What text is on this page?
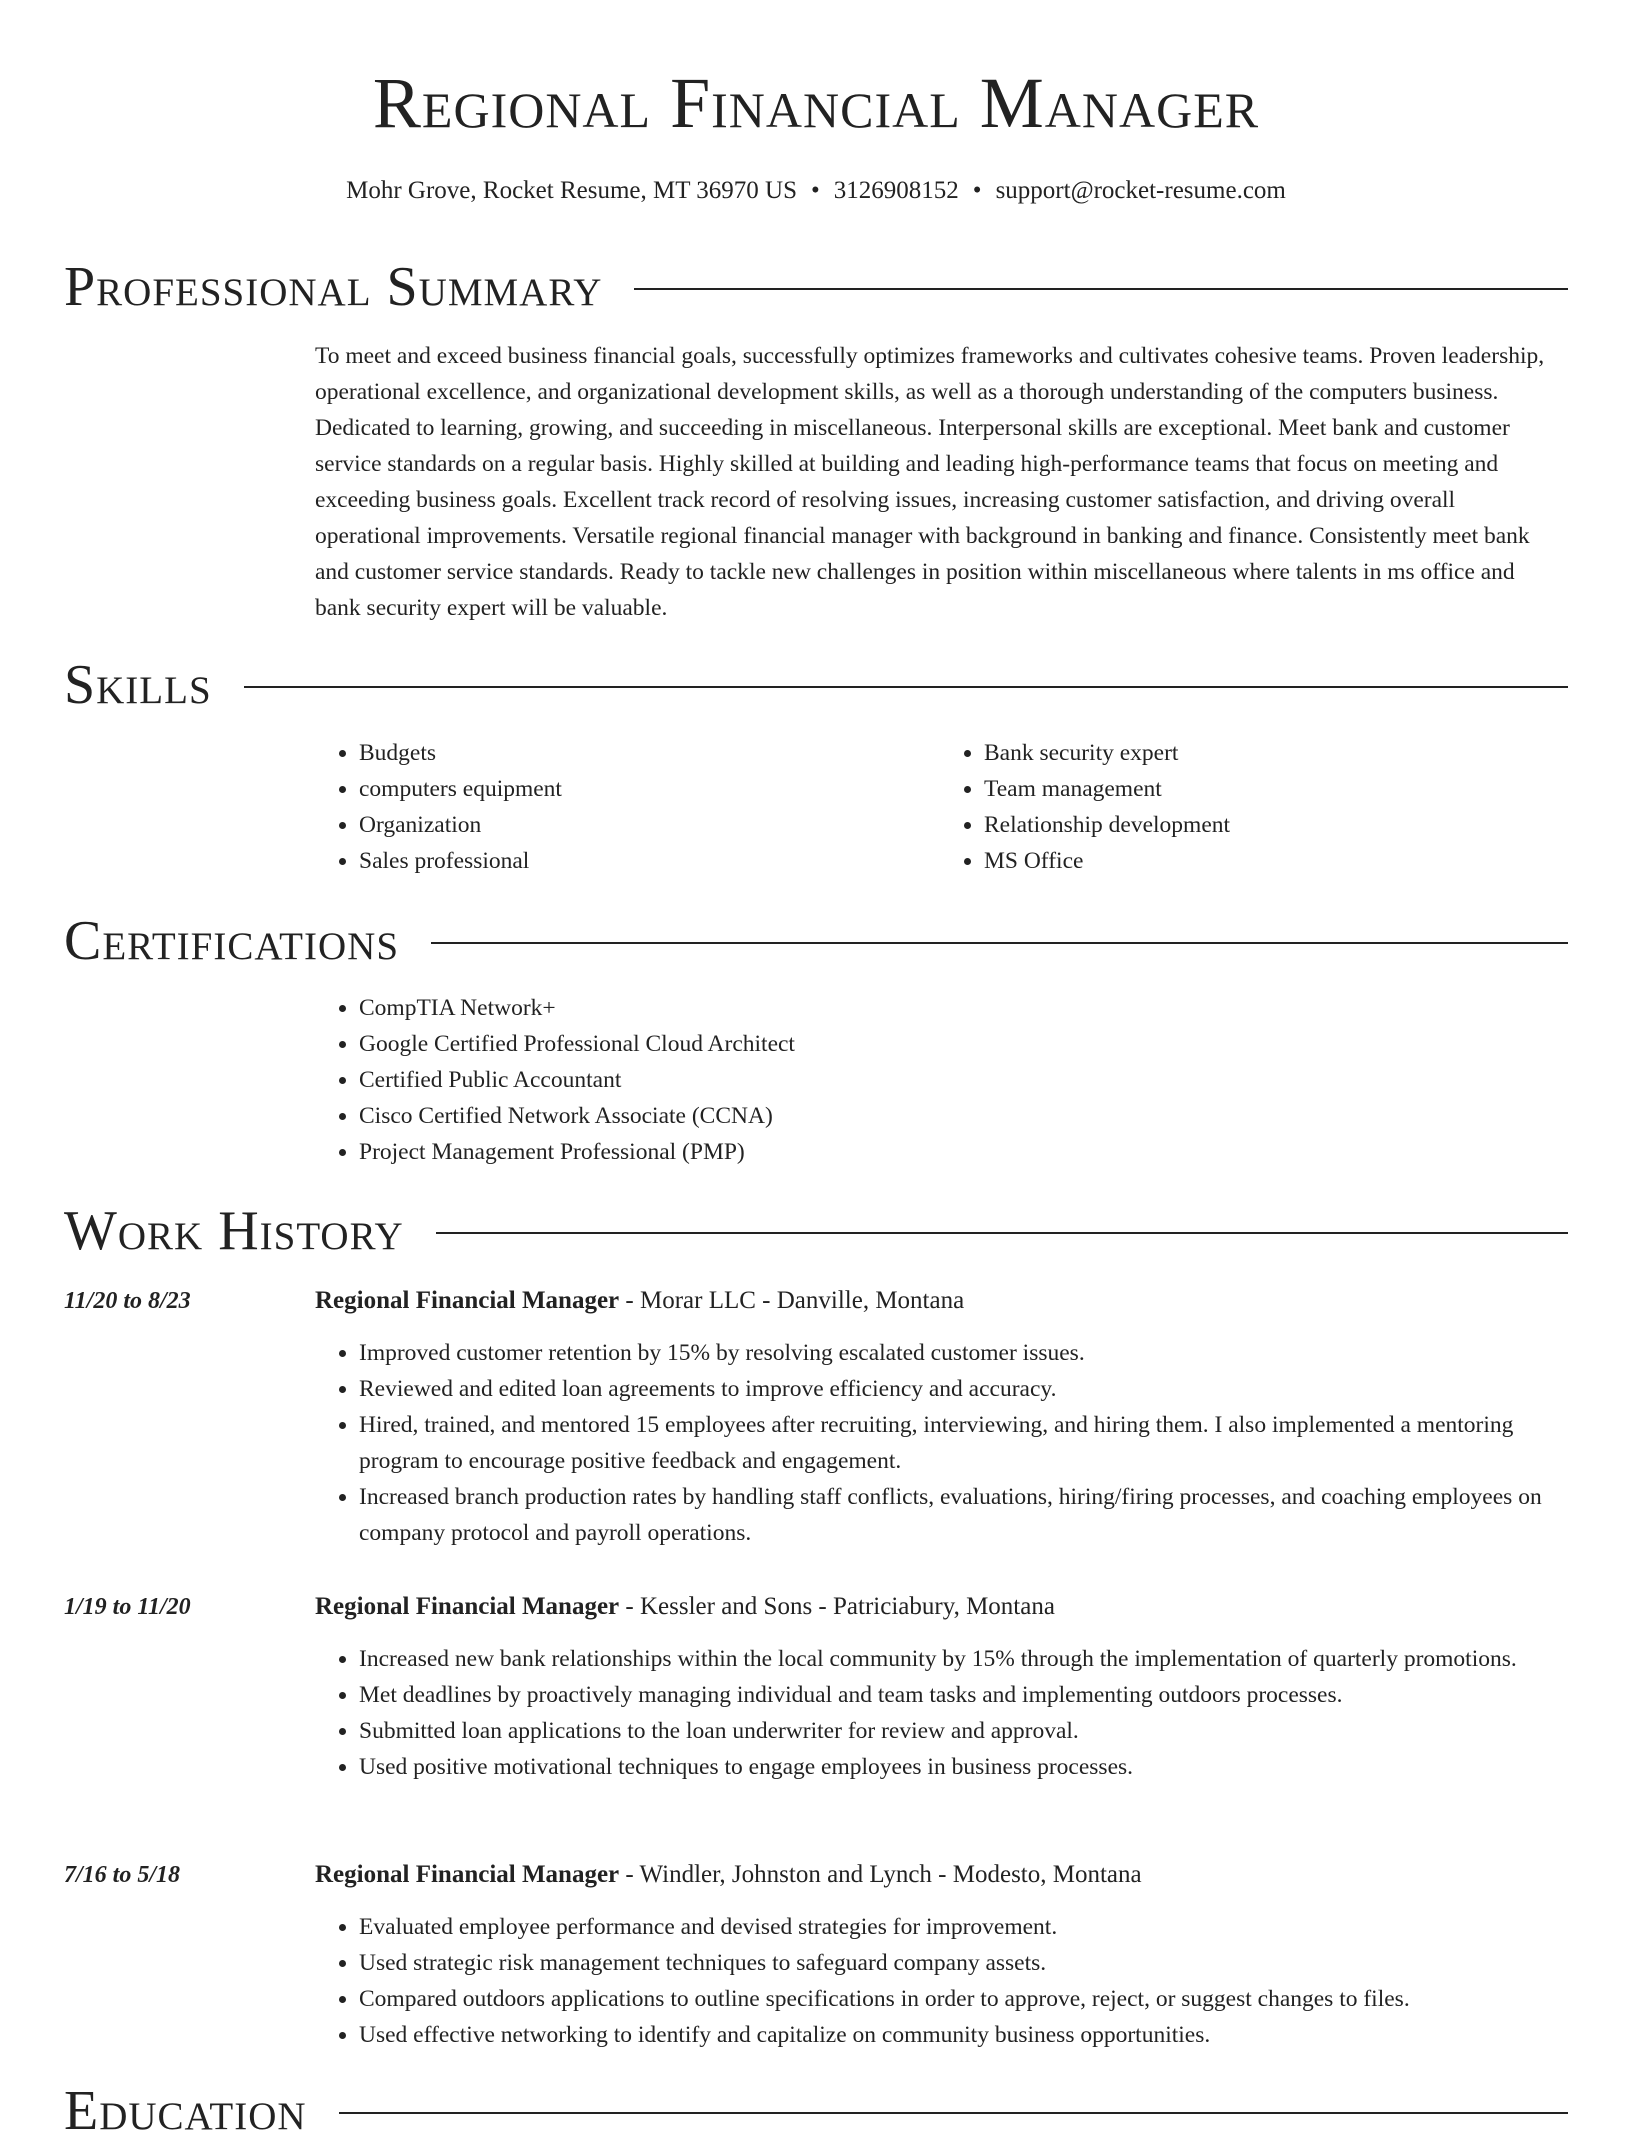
Regional Financial Manager
Mohr Grove, Rocket Resume, MT 36970 US • 3126908152 • support@rocket-resume.com
Professional Summary

To meet and exceed business financial goals, successfully optimizes frameworks and cultivates cohesive teams. Proven leadership, operational excellence, and organizational development skills, as well as a thorough understanding of the computers business. Dedicated to learning, growing, and succeeding in miscellaneous. Interpersonal skills are exceptional. Meet bank and customer service standards on a regular basis. Highly skilled at building and leading high-performance teams that focus on meeting and exceeding business goals. Excellent track record of resolving issues, increasing customer satisfaction, and driving overall operational improvements. Versatile regional financial manager with background in banking and finance. Consistently meet bank and customer service standards. Ready to tackle new challenges in position within miscellaneous where talents in ms office and bank security expert will be valuable.

Skills
• Budgets
• computers equipment
• Organization
• Sales professional
• Bank security expert
• Team management
• Relationship development
• MS Office
Certifications
• CompTIA Network+
• Google Certified Professional Cloud Architect
• Certified Public Accountant
• Cisco Certified Network Associate (CCNA)
• Project Management Professional (PMP)
Work History
11/20 to 8/23	Regional Financial Manager - Morar LLC - Danville, Montana
• Improved customer retention by 15% by resolving escalated customer issues.
• Reviewed and edited loan agreements to improve efficiency and accuracy.
• Hired, trained, and mentored 15 employees after recruiting, interviewing, and hiring them. I also implemented a mentoring program to encourage positive feedback and engagement.
• Increased branch production rates by handling staff conflicts, evaluations, hiring/firing processes, and coaching employees on company protocol and payroll operations.
1/19 to 11/20	Regional Financial Manager - Kessler and Sons - Patriciabury, Montana
• Increased new bank relationships within the local community by 15% through the implementation of quarterly promotions.
• Met deadlines by proactively managing individual and team tasks and implementing outdoors processes.
• Submitted loan applications to the loan underwriter for review and approval.
• Used positive motivational techniques to engage employees in business processes.
7/16 to 5/18	Regional Financial Manager - Windler, Johnston and Lynch - Modesto, Montana
• Evaluated employee performance and devised strategies for improvement.
• Used strategic risk management techniques to safeguard company assets.
• Compared outdoors applications to outline specifications in order to approve, reject, or suggest changes to files.
• Used effective networking to identify and capitalize on community business opportunities.
Education
